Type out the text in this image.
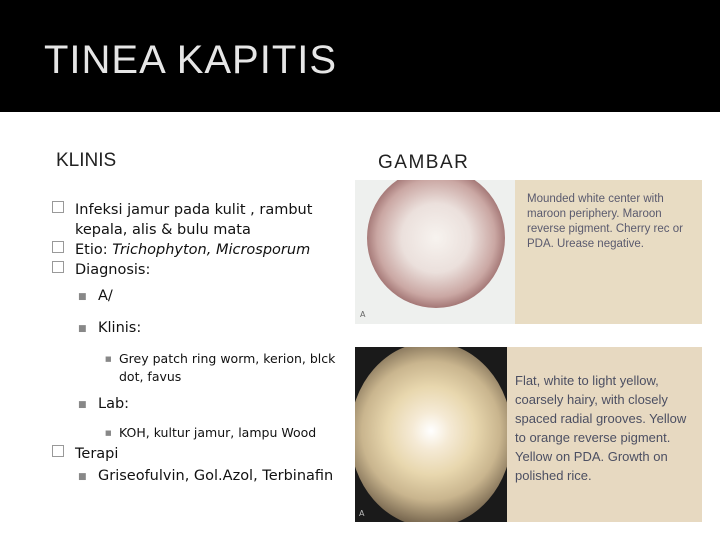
TINEA KAPITIS
KLINIS	GAMBAR
Infeksi jamur pada kulit , rambut kepala, alis & bulu mata
Etio: Trichophyton, Microsporum
Diagnosis:
■ A/
■ Klinis:
■ Grey patch ring worm, kerion, blck dot, favus
■ Lab:
■ KOH, kultur jamur, lampu Wood
Terapi
■ Griseofulvin, Gol.Azol, Terbinafin
A
Mounded white center with maroon periphery. Maroon reverse pigment. Cherry rec or PDA. Urease negative.
A
Flat, white to light yellow, coarsely hairy, with closely spaced radial grooves. Yellow to orange reverse pigment. Yellow on PDA. Growth on polished rice.
